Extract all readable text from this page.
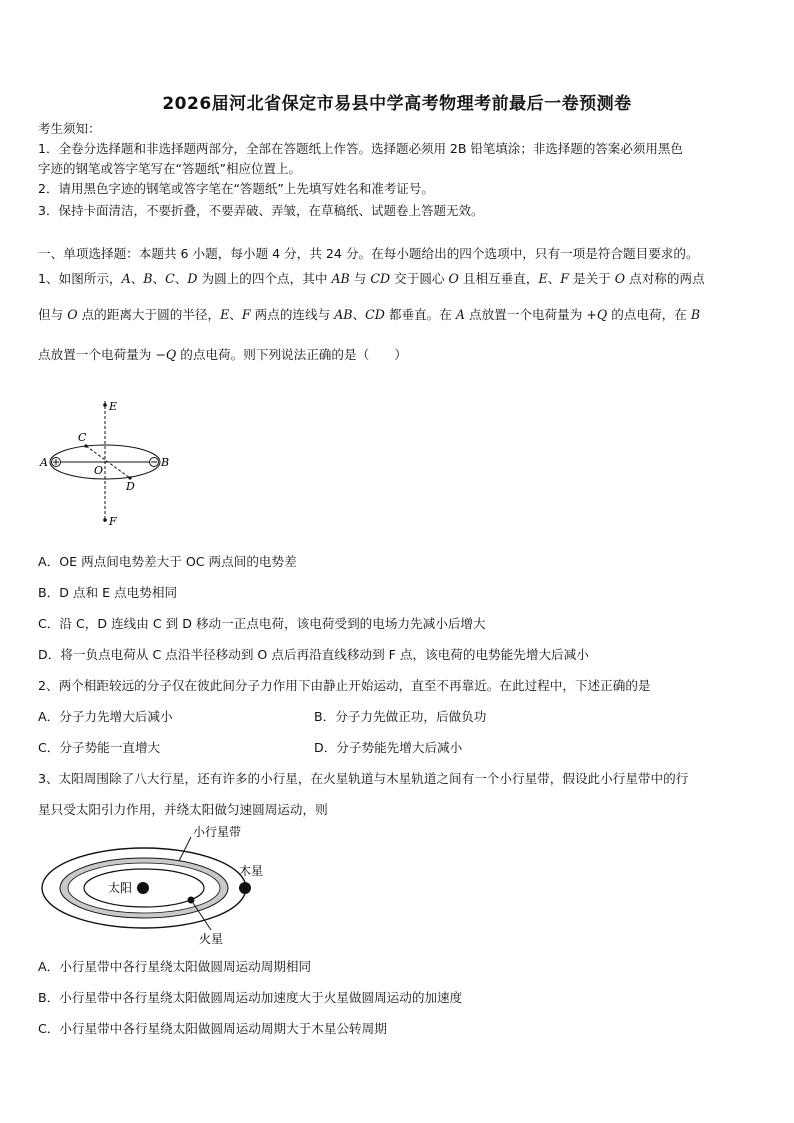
2026届河北省保定市易县中学高考物理考前最后一卷预测卷
考生须知：
1．全卷分选择题和非选择题两部分，全部在答题纸上作答。选择题必须用 2B 铅笔填涂；非选择题的答案必须用黑色
字迹的钢笔或答字笔写在“答题纸”相应位置上。
2．请用黑色字迹的钢笔或答字笔在“答题纸”上先填写姓名和准考证号。
3．保持卡面清洁，不要折叠，不要弄破、弄皱，在草稿纸、试题卷上答题无效。
一、单项选择题：本题共 6 小题，每小题 4 分，共 24 分。在每小题给出的四个选项中，只有一项是符合题目要求的。
1、如图所示，A、B、C、D 为圆上的四个点，其中 AB 与 CD 交于圆心 O 且相互垂直，E、F 是关于 O 点对称的两点
但与 O 点的距离大于圆的半径，E、F 两点的连线与 AB、CD 都垂直。在 A 点放置一个电荷量为 +Q 的点电荷，在 B
点放置一个电荷量为 −Q 的点电荷。则下列说法正确的是（　　）
E
F
A	B
C
D
O
A．OE 两点间电势差大于 OC 两点间的电势差
B．D 点和 E 点电势相同
C．沿 C，D 连线由 C 到 D 移动一正点电荷，该电荷受到的电场力先减小后增大
D．将一负点电荷从 C 点沿半径移动到 O 点后再沿直线移动到 F 点，该电荷的电势能先增大后减小
2、两个相距较远的分子仅在彼此间分子力作用下由静止开始运动，直至不再靠近。在此过程中，下述正确的是
A．分子力先增大后减小	B．分子力先做正功，后做负功
C．分子势能一直增大	D．分子势能先增大后减小
3、太阳周围除了八大行星，还有许多的小行星，在火星轨道与木星轨道之间有一个小行星带，假设此小行星带中的行
星只受太阳引力作用，并绕太阳做匀速圆周运动，则
小行星带
木星
太阳
火星
A．小行星带中各行星绕太阳做圆周运动周期相同
B．小行星带中各行星绕太阳做圆周运动加速度大于火星做圆周运动的加速度
C．小行星带中各行星绕太阳做圆周运动周期大于木星公转周期
